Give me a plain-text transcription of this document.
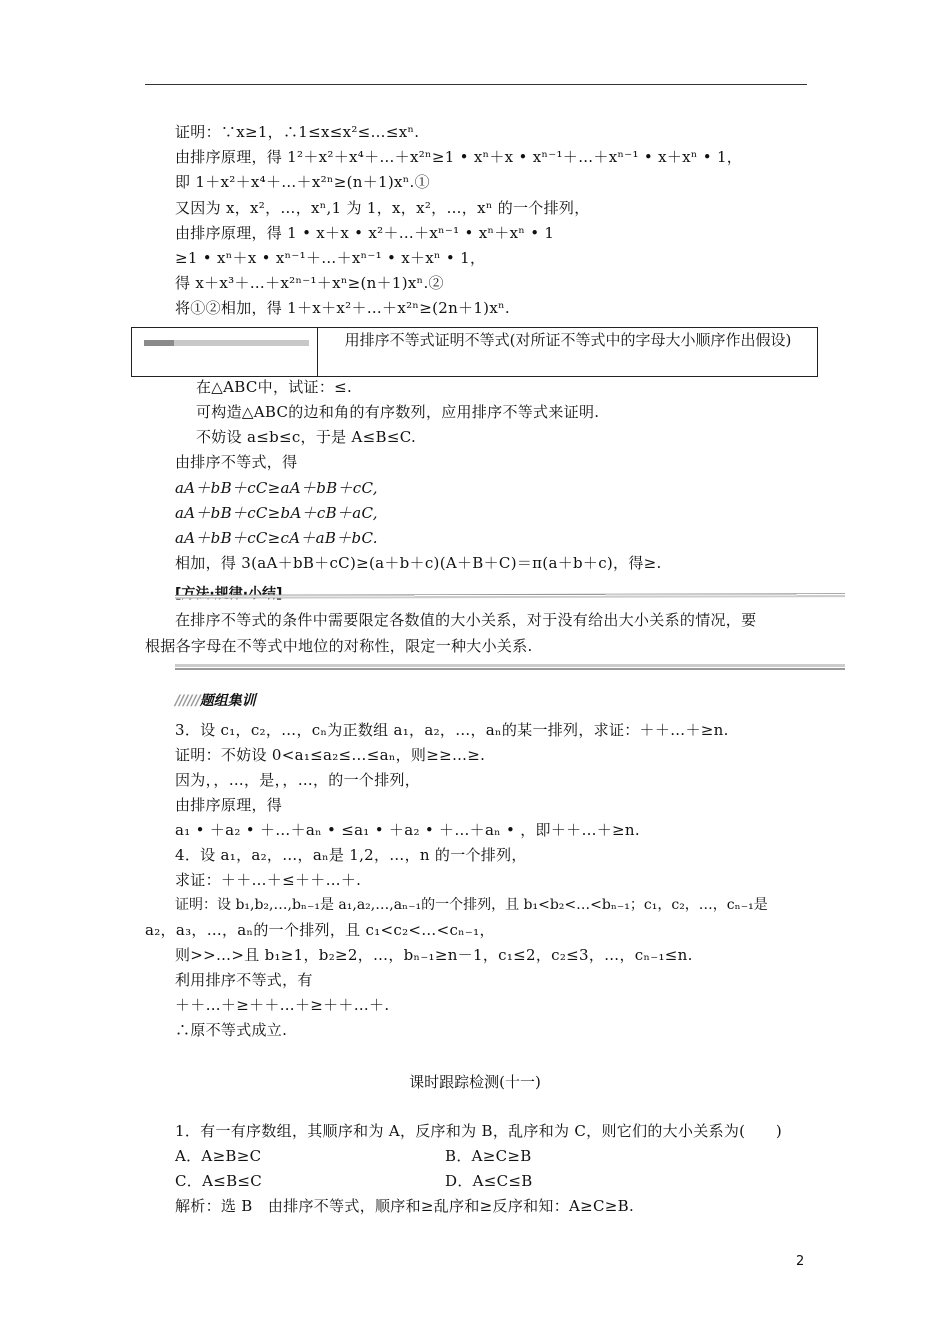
证明：∵x≥1，∴1≤x≤x²≤…≤xⁿ.
由排序原理，得 1²＋x²＋x⁴＋…＋x²ⁿ≥1 • xⁿ＋x • xⁿ⁻¹＋…＋xⁿ⁻¹ • x＋xⁿ • 1，
即 1＋x²＋x⁴＋…＋x²ⁿ≥(n＋1)xⁿ.①
又因为 x，x²，…，xⁿ,1 为 1，x，x²，…，xⁿ 的一个排列，
由排序原理，得 1 • x＋x • x²＋…＋xⁿ⁻¹ • xⁿ＋xⁿ • 1
≥1 • xⁿ＋x • xⁿ⁻¹＋…＋xⁿ⁻¹ • x＋xⁿ • 1，
得 x＋x³＋…＋x²ⁿ⁻¹＋xⁿ≥(n＋1)xⁿ.②
将①②相加，得 1＋x＋x²＋…＋x²ⁿ≥(2n＋1)xⁿ.
用排序不等式证明不等式(对所证不等式中的字母大小顺序作出假设)
在△ABC中，试证：≤.
可构造△ABC的边和角的有序数列，应用排序不等式来证明.
不妨设 a≤b≤c，于是 A≤B≤C.
由排序不等式，得
aA＋bB＋cC≥aA＋bB＋cC,
aA＋bB＋cC≥bA＋cB＋aC,
aA＋bB＋cC≥cA＋aB＋bC.
相加，得 3(aA＋bB＋cC)≥(a＋b＋c)(A＋B＋C)＝π(a＋b＋c)，得≥.
在排序不等式的条件中需要限定各数值的大小关系，对于没有给出大小关系的情况，要
根据各字母在不等式中地位的对称性，限定一种大小关系.
//////题组集训
3．设 c₁，c₂，…，cₙ为正数组 a₁，a₂，…，aₙ的某一排列，求证：＋＋…＋≥n.
证明：不妨设 0<a₁≤a₂≤…≤aₙ，则≥≥…≥.
因为，，…，是，，…，的一个排列，
由排序原理，得
a₁ • ＋a₂ • ＋…＋aₙ • ≤a₁ • ＋a₂ • ＋…＋aₙ • ，即＋＋…＋≥n.
4．设 a₁，a₂，…，aₙ是 1,2，…，n 的一个排列，
求证：＋＋…＋≤＋＋…＋.
证明：设 b₁,b₂,…,bₙ₋₁是 a₁,a₂,…,aₙ₋₁的一个排列，且 b₁<b₂<…<bₙ₋₁；c₁，c₂，…，cₙ₋₁是
a₂，a₃，…，aₙ的一个排列，且 c₁<c₂<…<cₙ₋₁，
则>>…>且 b₁≥1，b₂≥2，…，bₙ₋₁≥n－1，c₁≤2，c₂≤3，…，cₙ₋₁≤n.
利用排序不等式，有
＋＋…＋≥＋＋…＋≥＋＋…＋.
∴原不等式成立.
课时跟踪检测(十一)
1．有一有序数组，其顺序和为 A，反序和为 B，乱序和为 C，则它们的大小关系为(　　)
A．A≥B≥C	B．A≥C≥B
C．A≤B≤C	D．A≤C≤B
解析：选 B　由排序不等式，顺序和≥乱序和≥反序和知：A≥C≥B.
2
